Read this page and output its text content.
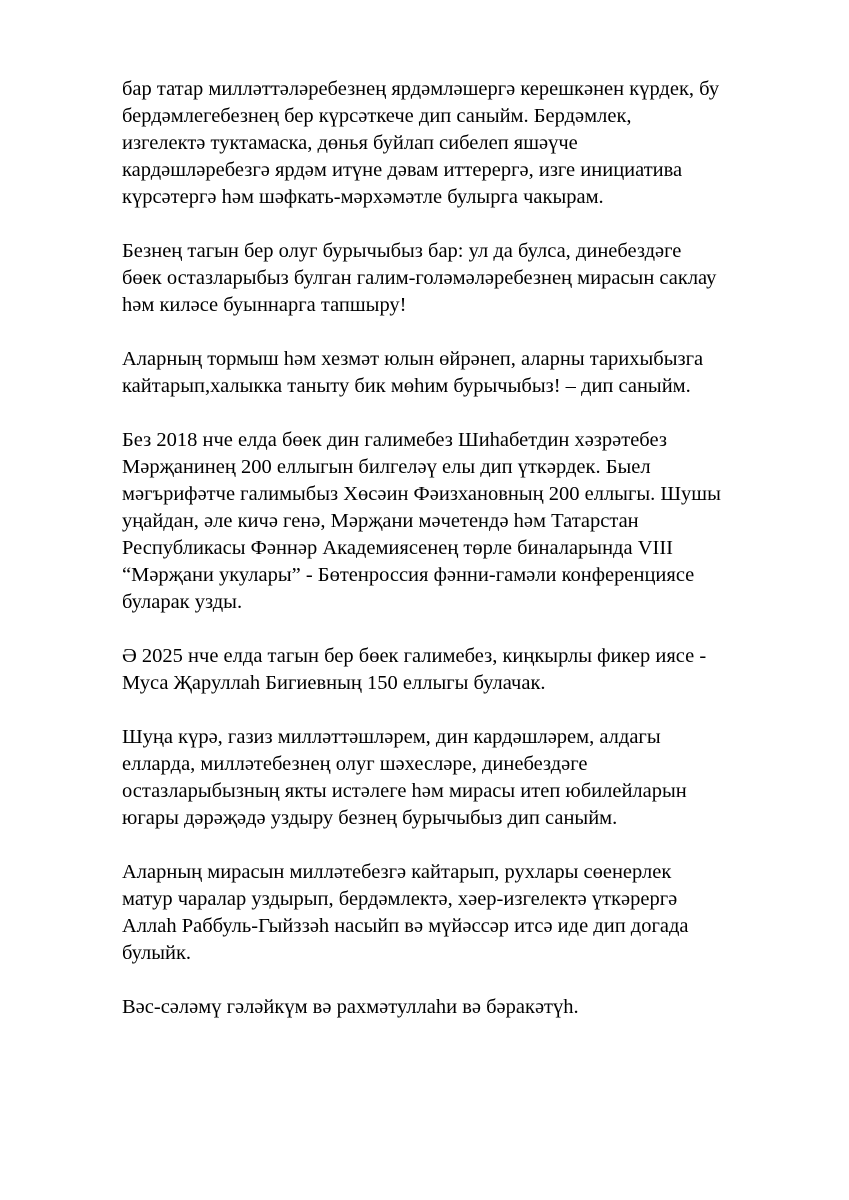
бар татар милләттәләребезнең ярдәмләшергә керешкәнен күрдек, бу
бердәмлегебезнең бер күрсәткече дип саныйм. Бердәмлек,
изгелектә туктамаска, дөнья буйлап сибелеп яшәүче
кардәшләребезгә ярдәм итүне дәвам иттерергә, изге инициатива
күрсәтергә һәм шәфкать-мәрхәмәтле булырга чакырам.

Безнең тагын бер олуг бурычыбыз бар: ул да булса, динебездәге
бөек остазларыбыз булган галим-голәмәләребезнең мирасын саклау
һәм киләсе буыннарга тапшыру!

Аларның тормыш һәм хезмәт юлын өйрәнеп, аларны тарихыбызга
кайтарып,халыкка таныту бик мөһим бурычыбыз! – дип саныйм.

Без 2018 нче елда бөек дин галимебез Шиһабетдин хәзрәтебез
Мәрҗанинең 200 еллыгын билгеләү елы дип үткәрдек. Быел
мәгърифәтче галимыбыз Хөсәин Фәизхановның 200 еллыгы. Шушы
уңайдан, әле кичә генә, Мәрҗани мәчетендә һәм Татарстан
Республикасы Фәннәр Академиясенең төрле биналарында VIII
“Мәрҗани укулары” - Бөтенроссия фәнни-гамәли конференциясе
буларак узды.

Ә 2025 нче елда тагын бер бөек галимебез, киңкырлы фикер иясе -
Муса Җаруллаһ Бигиевның 150 еллыгы булачак.

Шуңа күрә, газиз милләттәшләрем, дин кардәшләрем, алдагы
елларда, милләтебезнең олуг шәхесләре, динебездәге
остазларыбызның якты истәлеге һәм мирасы итеп юбилейларын
югары дәрәҗәдә уздыру безнең бурычыбыз дип саныйм.

Аларның мирасын милләтебезгә кайтарып, рухлары сөенерлек
матур чаралар уздырып, бердәмлектә, хәер-изгелектә үткәрергә
Аллаһ Раббуль-Гыйззәһ насыйп вә мүйәссәр итсә иде дип догада
булыйк.

Вәс-сәләмү гәләйкүм вә рахмәтуллаһи вә бәракәтүһ.
